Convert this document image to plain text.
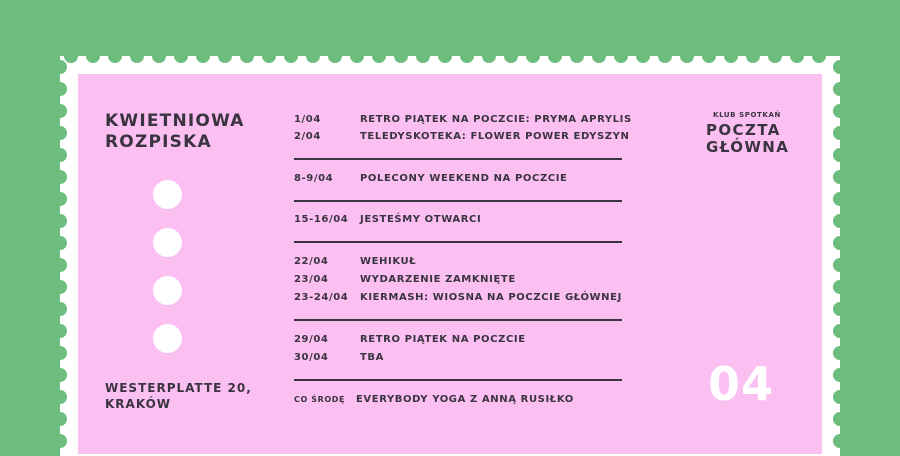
KWIETNIOWA
ROZPISKA
WESTERPLATTE 20,
KRAKÓW
1/04	RETRO PIĄTEK NA POCZCIE: PRYMA APRYLIS
2/04	TELEDYSKOTEKA: FLOWER POWER EDYSZYN
8-9/04	POLECONY WEEKEND NA POCZCIE
15-16/04 JESTEŚMY OTWARCI
22/04	WEHIKUŁ
23/04	WYDARZENIE ZAMKNIĘTE
23-24/04 KIERMASH: WIOSNA NA POCZCIE GŁÓWNEJ
29/04	RETRO PIĄTEK NA POCZCIE
30/04	TBA
CO ŚRODĘ EVERYBODY YOGA Z ANNĄ RUSIŁKO
KLUB SPOTKAŃ
POCZTA
GŁÓWNA
04
